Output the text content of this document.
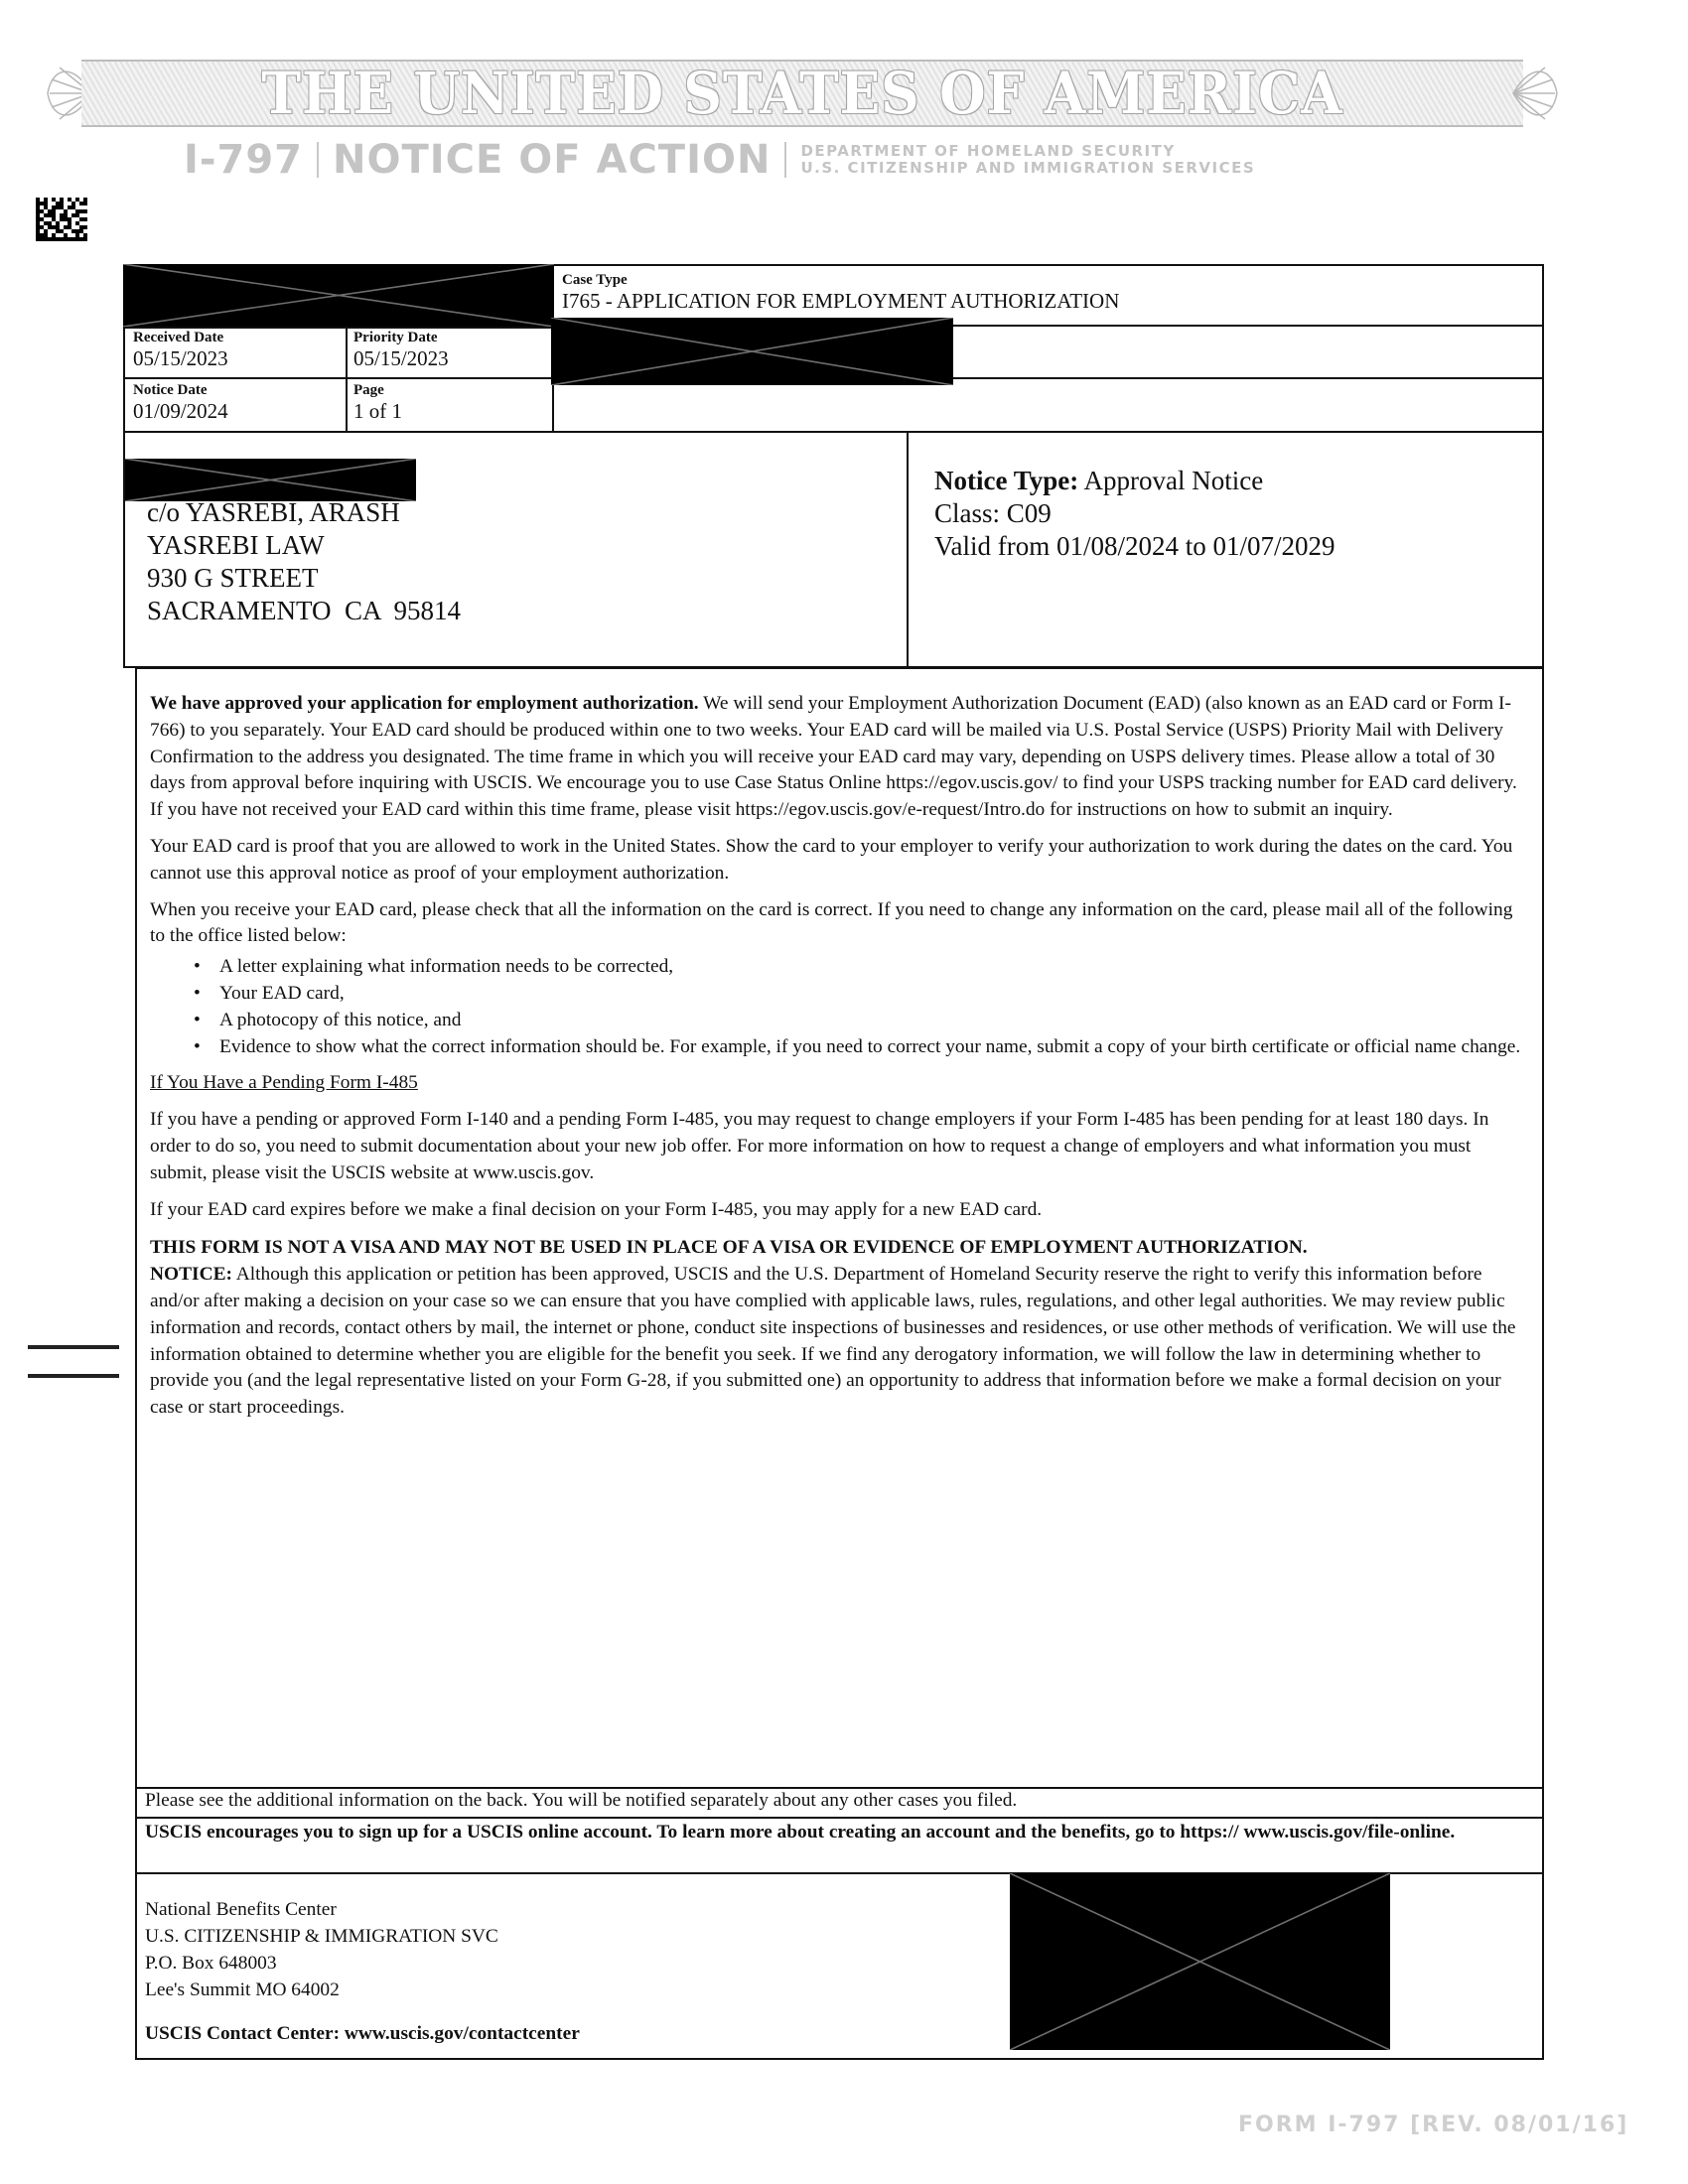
THE UNITED STATES OF AMERICA
I-797 NOTICE OF ACTION DEPARTMENT OF HOMELAND SECURITY
U.S. CITIZENSHIP AND IMMIGRATION SERVICES
Case Type
I765 - APPLICATION FOR EMPLOYMENT AUTHORIZATION
Received Date
05/15/2023
Priority Date
05/15/2023
Notice Date
01/09/2024
Page
1 of 1
c/o YASREBI, ARASH
YASREBI LAW
930 G STREET
SACRAMENTO  CA  95814
Notice Type: Approval Notice
Class: C09
Valid from 01/08/2024 to 01/07/2029

We have approved your application for employment authorization. We will send your Employment Authorization Document (EAD) (also known as an EAD card or Form I-766) to you separately. Your EAD card should be produced within one to two weeks. Your EAD card will be mailed via U.S. Postal Service (USPS) Priority Mail with Delivery Confirmation to the address you designated. The time frame in which you will receive your EAD card may vary, depending on USPS delivery times. Please allow a total of 30 days from approval before inquiring with USCIS. We encourage you to use Case Status Online https://egov.uscis.gov/ to find your USPS tracking number for EAD card delivery. If you have not received your EAD card within this time frame, please visit https://egov.uscis.gov/e-request/Intro.do for instructions on how to submit an inquiry.

Your EAD card is proof that you are allowed to work in the United States. Show the card to your employer to verify your authorization to work during the dates on the card. You cannot use this approval notice as proof of your employment authorization.

When you receive your EAD card, please check that all the information on the card is correct. If you need to change any information on the card, please mail all of the following to the office listed below:

• A letter explaining what information needs to be corrected,
• Your EAD card,
• A photocopy of this notice, and
• Evidence to show what the correct information should be. For example, if you need to correct your name, submit a copy of your birth certificate or official name change.

If You Have a Pending Form I-485

If you have a pending or approved Form I-140 and a pending Form I-485, you may request to change employers if your Form I-485 has been pending for at least 180 days. In order to do so, you need to submit documentation about your new job offer. For more information on how to request a change of employers and what information you must submit, please visit the USCIS website at www.uscis.gov.

If your EAD card expires before we make a final decision on your Form I-485, you may apply for a new EAD card.

THIS FORM IS NOT A VISA AND MAY NOT BE USED IN PLACE OF A VISA OR EVIDENCE OF EMPLOYMENT AUTHORIZATION.

NOTICE: Although this application or petition has been approved, USCIS and the U.S. Department of Homeland Security reserve the right to verify this information before and/or after making a decision on your case so we can ensure that you have complied with applicable laws, rules, regulations, and other legal authorities. We may review public information and records, contact others by mail, the internet or phone, conduct site inspections of businesses and residences, or use other methods of verification. We will use the information obtained to determine whether you are eligible for the benefit you seek. If we find any derogatory information, we will follow the law in determining whether to provide you (and the legal representative listed on your Form G-28, if you submitted one) an opportunity to address that information before we make a formal decision on your case or start proceedings.

Please see the additional information on the back. You will be notified separately about any other cases you filed.
USCIS encourages you to sign up for a USCIS online account. To learn more about creating an account and the benefits, go to https:// www.uscis.gov/file-online.
National Benefits Center
U.S. CITIZENSHIP & IMMIGRATION SVC
P.O. Box 648003
Lee's Summit MO 64002
USCIS Contact Center: www.uscis.gov/contactcenter
FORM I-797 [REV. 08/01/16]
